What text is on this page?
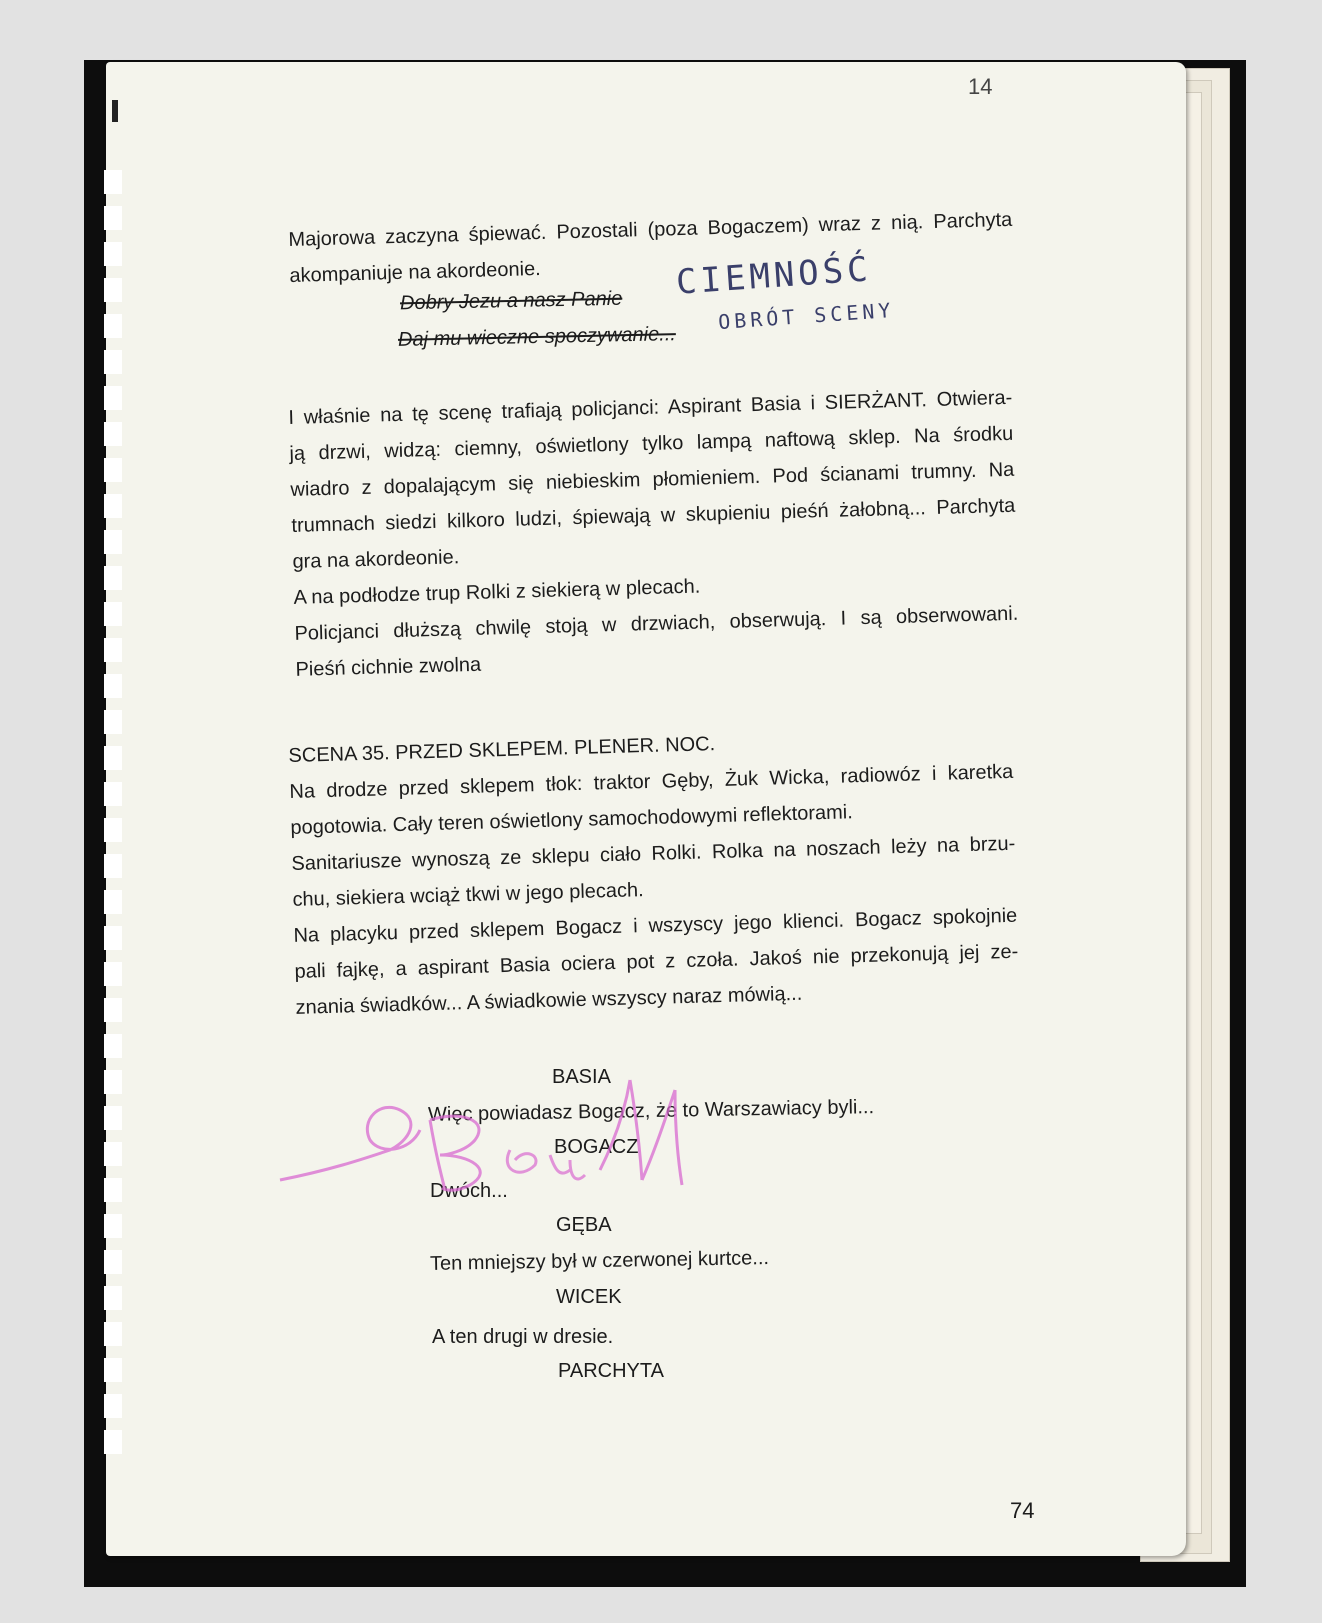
14
Majorowa zaczyna śpiewać. Pozostali (poza Bogaczem) wraz z nią. Parchyta
akompaniuje na akordeonie.
Dobry Jezu a nasz Panie
Daj mu wieczne spoczywanie...
CIEMNOŚĆ
OBRÓT SCENY
I właśnie na tę scenę trafiają policjanci: Aspirant Basia i SIERŻANT. Otwiera-
ją drzwi, widzą: ciemny, oświetlony tylko lampą naftową sklep. Na środku
wiadro z dopalającym się niebieskim płomieniem. Pod ścianami trumny. Na
trumnach siedzi kilkoro ludzi, śpiewają w skupieniu pieśń żałobną... Parchyta
gra na akordeonie.
A na podłodze trup Rolki z siekierą w plecach.
Policjanci dłuższą chwilę stoją w drzwiach, obserwują. I są obserwowani.
Pieśń cichnie zwolna
SCENA 35. PRZED SKLEPEM. PLENER. NOC.
Na drodze przed sklepem tłok: traktor Gęby, Żuk Wicka, radiowóz i karetka
pogotowia. Cały teren oświetlony samochodowymi reflektorami.
Sanitariusze wynoszą ze sklepu ciało Rolki. Rolka na noszach leży na brzu-
chu, siekiera wciąż tkwi w jego plecach.
Na placyku przed sklepem Bogacz i wszyscy jego klienci. Bogacz spokojnie
pali fajkę, a aspirant Basia ociera pot z czoła. Jakoś nie przekonują jej ze-
znania świadków... A świadkowie wszyscy naraz mówią...
BASIA
Więc powiadasz Bogacz, że to Warszawiacy byli...
BOGACZ
Dwóch...
GĘBA
Ten mniejszy był w czerwonej kurtce...
WICEK
A ten drugi w dresie.
PARCHYTA
74
